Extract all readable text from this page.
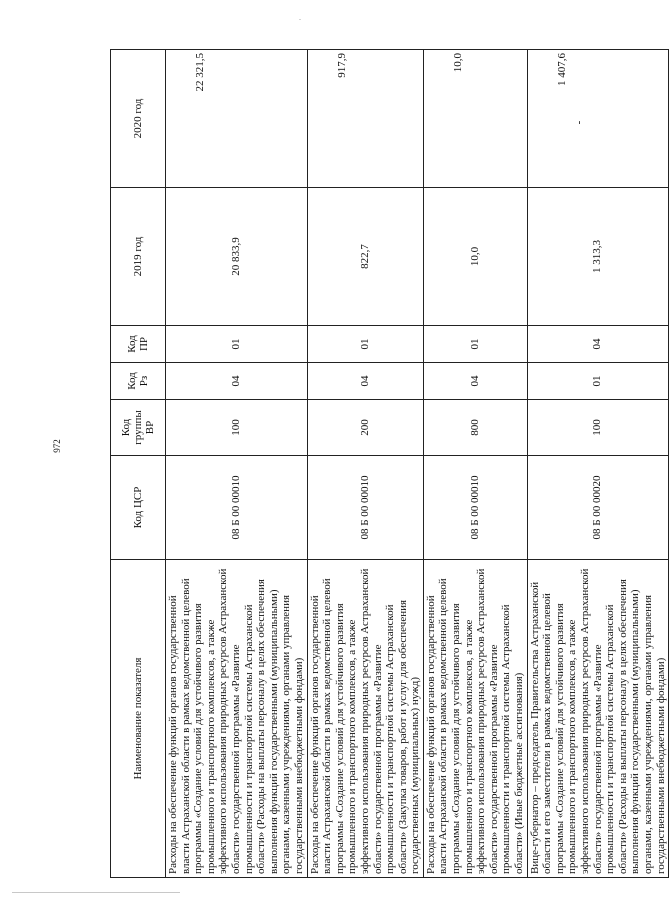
972
·
Наименование показателя	Код ЦСР	Код группы ВР	Код Рз	Код ПР	2019 год	2020 год
Расходы на обеспечение функций органов государственной власти Астраханской области в рамках ведомственной целевой программы «Создание условий для устойчивого развития промышленного и транспортного комплексов, а также эффективного использования природных ресурсов Астраханской области» государственной программы «Развитие промышленности и транспортной системы Астраханской области» (Расходы на выплаты персоналу в целях обеспечения выполнения функций государственными (муниципальными) органами, казенными учреждениями, органами управления государственными внебюджетными фондами)	08 Б 00 00010	100	04	01	20 833,9	22 321,5
Расходы на обеспечение функций органов государственной власти Астраханской области в рамках ведомственной целевой программы «Создание условий для устойчивого развития промышленного и транспортного комплексов, а также эффективного использования природных ресурсов Астраханской области» государственной программы «Развитие промышленности и транспортной системы Астраханской области» (Закупка товаров, работ и услуг для обеспечения государственных (муниципальных) нужд)	08 Б 00 00010	200	04	01	822,7	917,9
Расходы на обеспечение функций органов государственной власти Астраханской области в рамках ведомственной целевой программы «Создание условий для устойчивого развития промышленного и транспортного комплексов, а также эффективного использования природных ресурсов Астраханской области» государственной программы «Развитие промышленности и транспортной системы Астраханской области» (Иные бюджетные ассигнования)	08 Б 00 00010	800	04	01	10,0	10,0
Вице-губернатор – председатель Правительства Астраханской области и его заместители в рамках ведомственной целевой программы «Создание условий для устойчивого развития промышленного и транспортного комплексов, а также эффективного использования природных ресурсов Астраханской области» государственной программы «Развитие промышленности и транспортной системы Астраханской области» (Расходы на выплаты персоналу в целях обеспечения выполнения функций государственными (муниципальными) органами, казенными учреждениями, органами управления государственными внебюджетными фондами)	08 Б 00 00020	100	01	04	1 313,3	1 407,6
-
